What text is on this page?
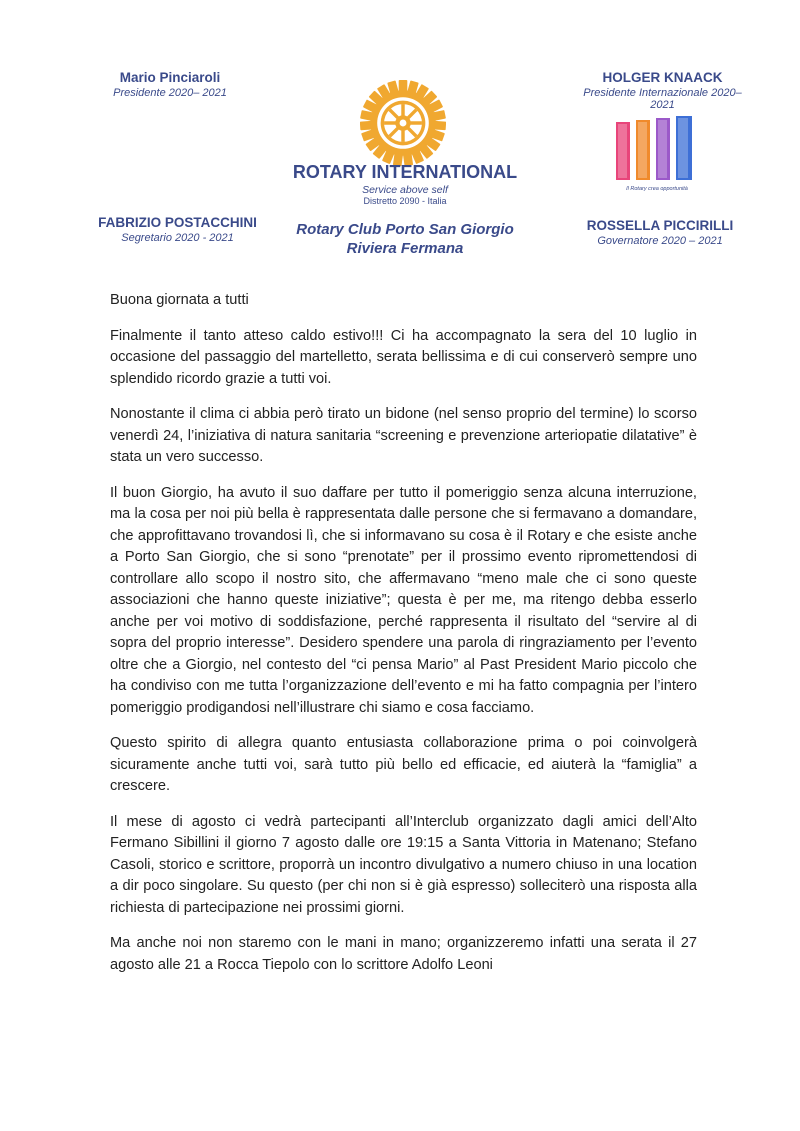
Mario Pinciaroli
Presidente 2020– 2021
FABRIZIO POSTACCHINI
Segretario 2020 - 2021
ROTARY INTERNATIONAL
Service above self
Distretto 2090 - Italia
Rotary Club Porto San Giorgio
Riviera Fermana
HOLGER KNAACK
Presidente Internazionale 2020– 2021
Il Rotary crea opportunità
ROSSELLA PICCIRILLI
Governatore 2020 – 2021

Buona giornata a tutti

Finalmente il tanto atteso caldo estivo!!! Ci ha accompagnato la sera del 10 luglio in occasione del passaggio del martelletto, serata bellissima e di cui conserverò sempre uno splendido ricordo grazie a tutti voi.

Nonostante il clima ci abbia però tirato un bidone (nel senso proprio del termine) lo scorso venerdì 24, l’iniziativa di natura sanitaria “screening e prevenzione arteriopatie dilatative” è stata un vero successo.

Il buon Giorgio, ha avuto il suo daffare per tutto il pomeriggio senza alcuna interruzione, ma la cosa per noi più bella è rappresentata dalle persone che si fermavano a domandare, che approfittavano trovandosi lì, che si informavano su cosa è il Rotary e che esiste anche a Porto San Giorgio, che si sono “prenotate” per il prossimo evento ripromettendosi di controllare allo scopo il nostro sito, che affermavano “meno male che ci sono queste associazioni che hanno queste iniziative”; questa è per me, ma ritengo debba esserlo anche per voi motivo di soddisfazione, perché rappresenta il risultato del “servire al di sopra del proprio interesse”. Desidero spendere una parola di ringraziamento per l’evento oltre che a Giorgio, nel contesto del “ci pensa Mario” al Past President Mario piccolo che ha condiviso con me tutta l’organizzazione dell’evento e mi ha fatto compagnia per l’intero pomeriggio prodigandosi nell’illustrare chi siamo e cosa facciamo.

Questo spirito di allegra quanto entusiasta collaborazione prima o poi coinvolgerà sicuramente anche tutti voi, sarà tutto più bello ed efficacie, ed aiuterà la “famiglia” a crescere.

Il mese di agosto ci vedrà partecipanti all’Interclub organizzato dagli amici dell’Alto Fermano Sibillini il giorno 7 agosto dalle ore 19:15 a Santa Vittoria in Matenano; Stefano Casoli, storico e scrittore, proporrà un incontro divulgativo a numero chiuso in una location a dir poco singolare. Su questo (per chi non si è già espresso) solleciterò una risposta alla richiesta di partecipazione nei prossimi giorni.

Ma anche noi non staremo con le mani in mano; organizzeremo infatti una serata il 27 agosto alle 21 a Rocca Tiepolo con lo scrittore Adolfo Leoni
